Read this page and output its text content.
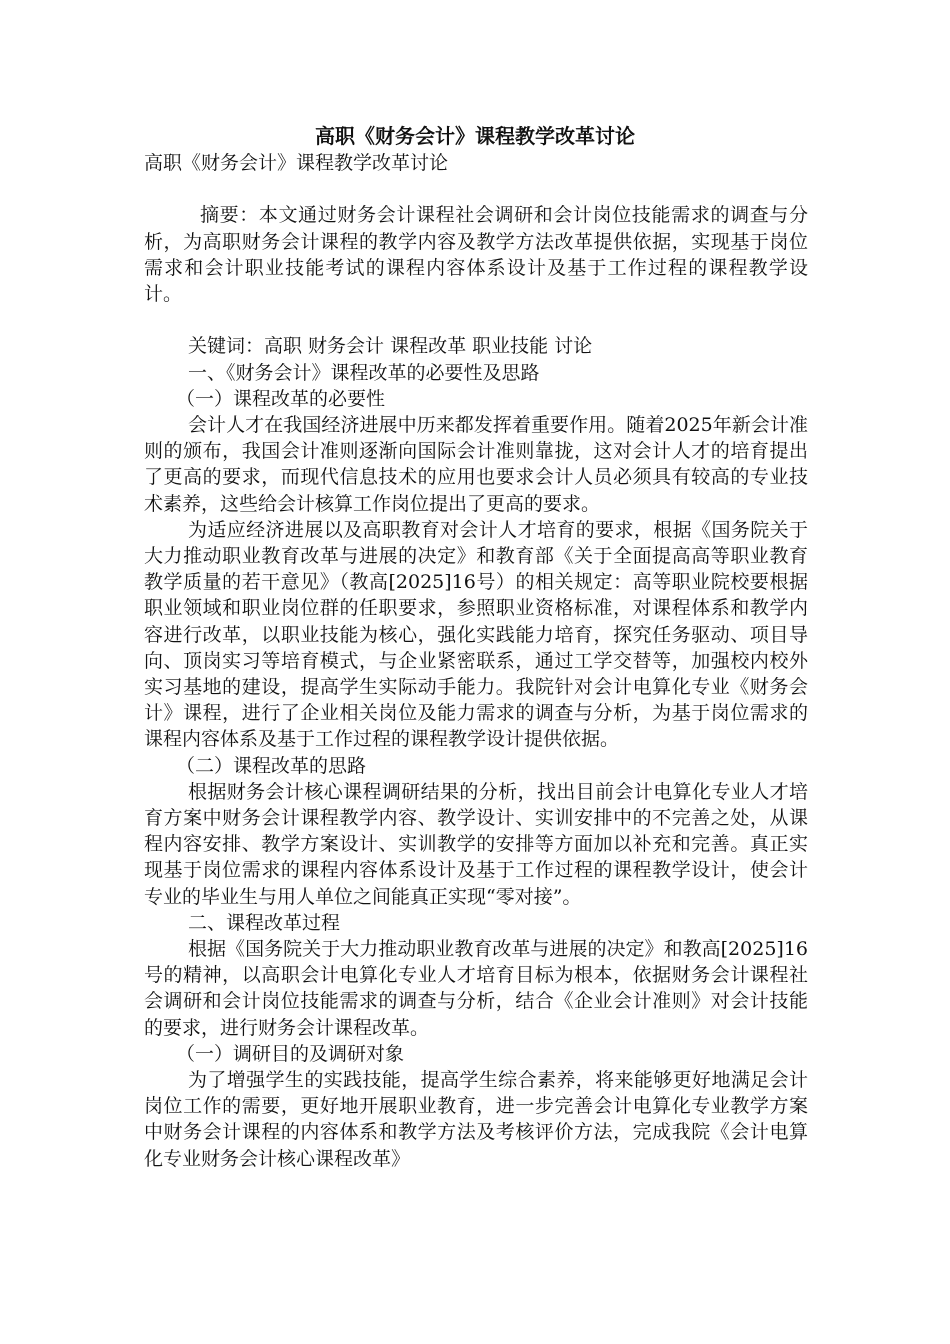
高职《财务会计》课程教学改革讨论

高职《财务会计》课程教学改革讨论

摘要：本文通过财务会计课程社会调研和会计岗位技能需求的调查与分析，为高职财务会计课程的教学内容及教学方法改革提供依据，实现基于岗位需求和会计职业技能考试的课程内容体系设计及基于工作过程的课程教学设计。

关键词：高职 财务会计 课程改革 职业技能 讨论

一、《财务会计》课程改革的必要性及思路

（一）课程改革的必要性

会计人才在我国经济进展中历来都发挥着重要作用。随着2025年新会计准则的颁布，我国会计准则逐渐向国际会计准则靠拢，这对会计人才的培育提出了更高的要求，而现代信息技术的应用也要求会计人员必须具有较高的专业技术素养，这些给会计核算工作岗位提出了更高的要求。

为适应经济进展以及高职教育对会计人才培育的要求，根据《国务院关于大力推动职业教育改革与进展的决定》和教育部《关于全面提高高等职业教育教学质量的若干意见》（教高[2025]16号）的相关规定：高等职业院校要根据职业领域和职业岗位群的任职要求，参照职业资格标准，对课程体系和教学内容进行改革，以职业技能为核心，强化实践能力培育，探究任务驱动、项目导向、顶岗实习等培育模式，与企业紧密联系，通过工学交替等，加强校内校外实习基地的建设，提高学生实际动手能力。我院针对会计电算化专业《财务会计》课程，进行了企业相关岗位及能力需求的调查与分析，为基于岗位需求的课程内容体系及基于工作过程的课程教学设计提供依据。

（二）课程改革的思路

根据财务会计核心课程调研结果的分析，找出目前会计电算化专业人才培育方案中财务会计课程教学内容、教学设计、实训安排中的不完善之处，从课程内容安排、教学方案设计、实训教学的安排等方面加以补充和完善。真正实现基于岗位需求的课程内容体系设计及基于工作过程的课程教学设计，使会计专业的毕业生与用人单位之间能真正实现“零对接”。

二、课程改革过程

根据《国务院关于大力推动职业教育改革与进展的决定》和教高[2025]16号的精神，以高职会计电算化专业人才培育目标为根本，依据财务会计课程社会调研和会计岗位技能需求的调查与分析，结合《企业会计准则》对会计技能的要求，进行财务会计课程改革。

（一）调研目的及调研对象

为了增强学生的实践技能，提高学生综合素养，将来能够更好地满足会计岗位工作的需要，更好地开展职业教育，进一步完善会计电算化专业教学方案中财务会计课程的内容体系和教学方法及考核评价方法，完成我院《会计电算化专业财务会计核心课程改革》
